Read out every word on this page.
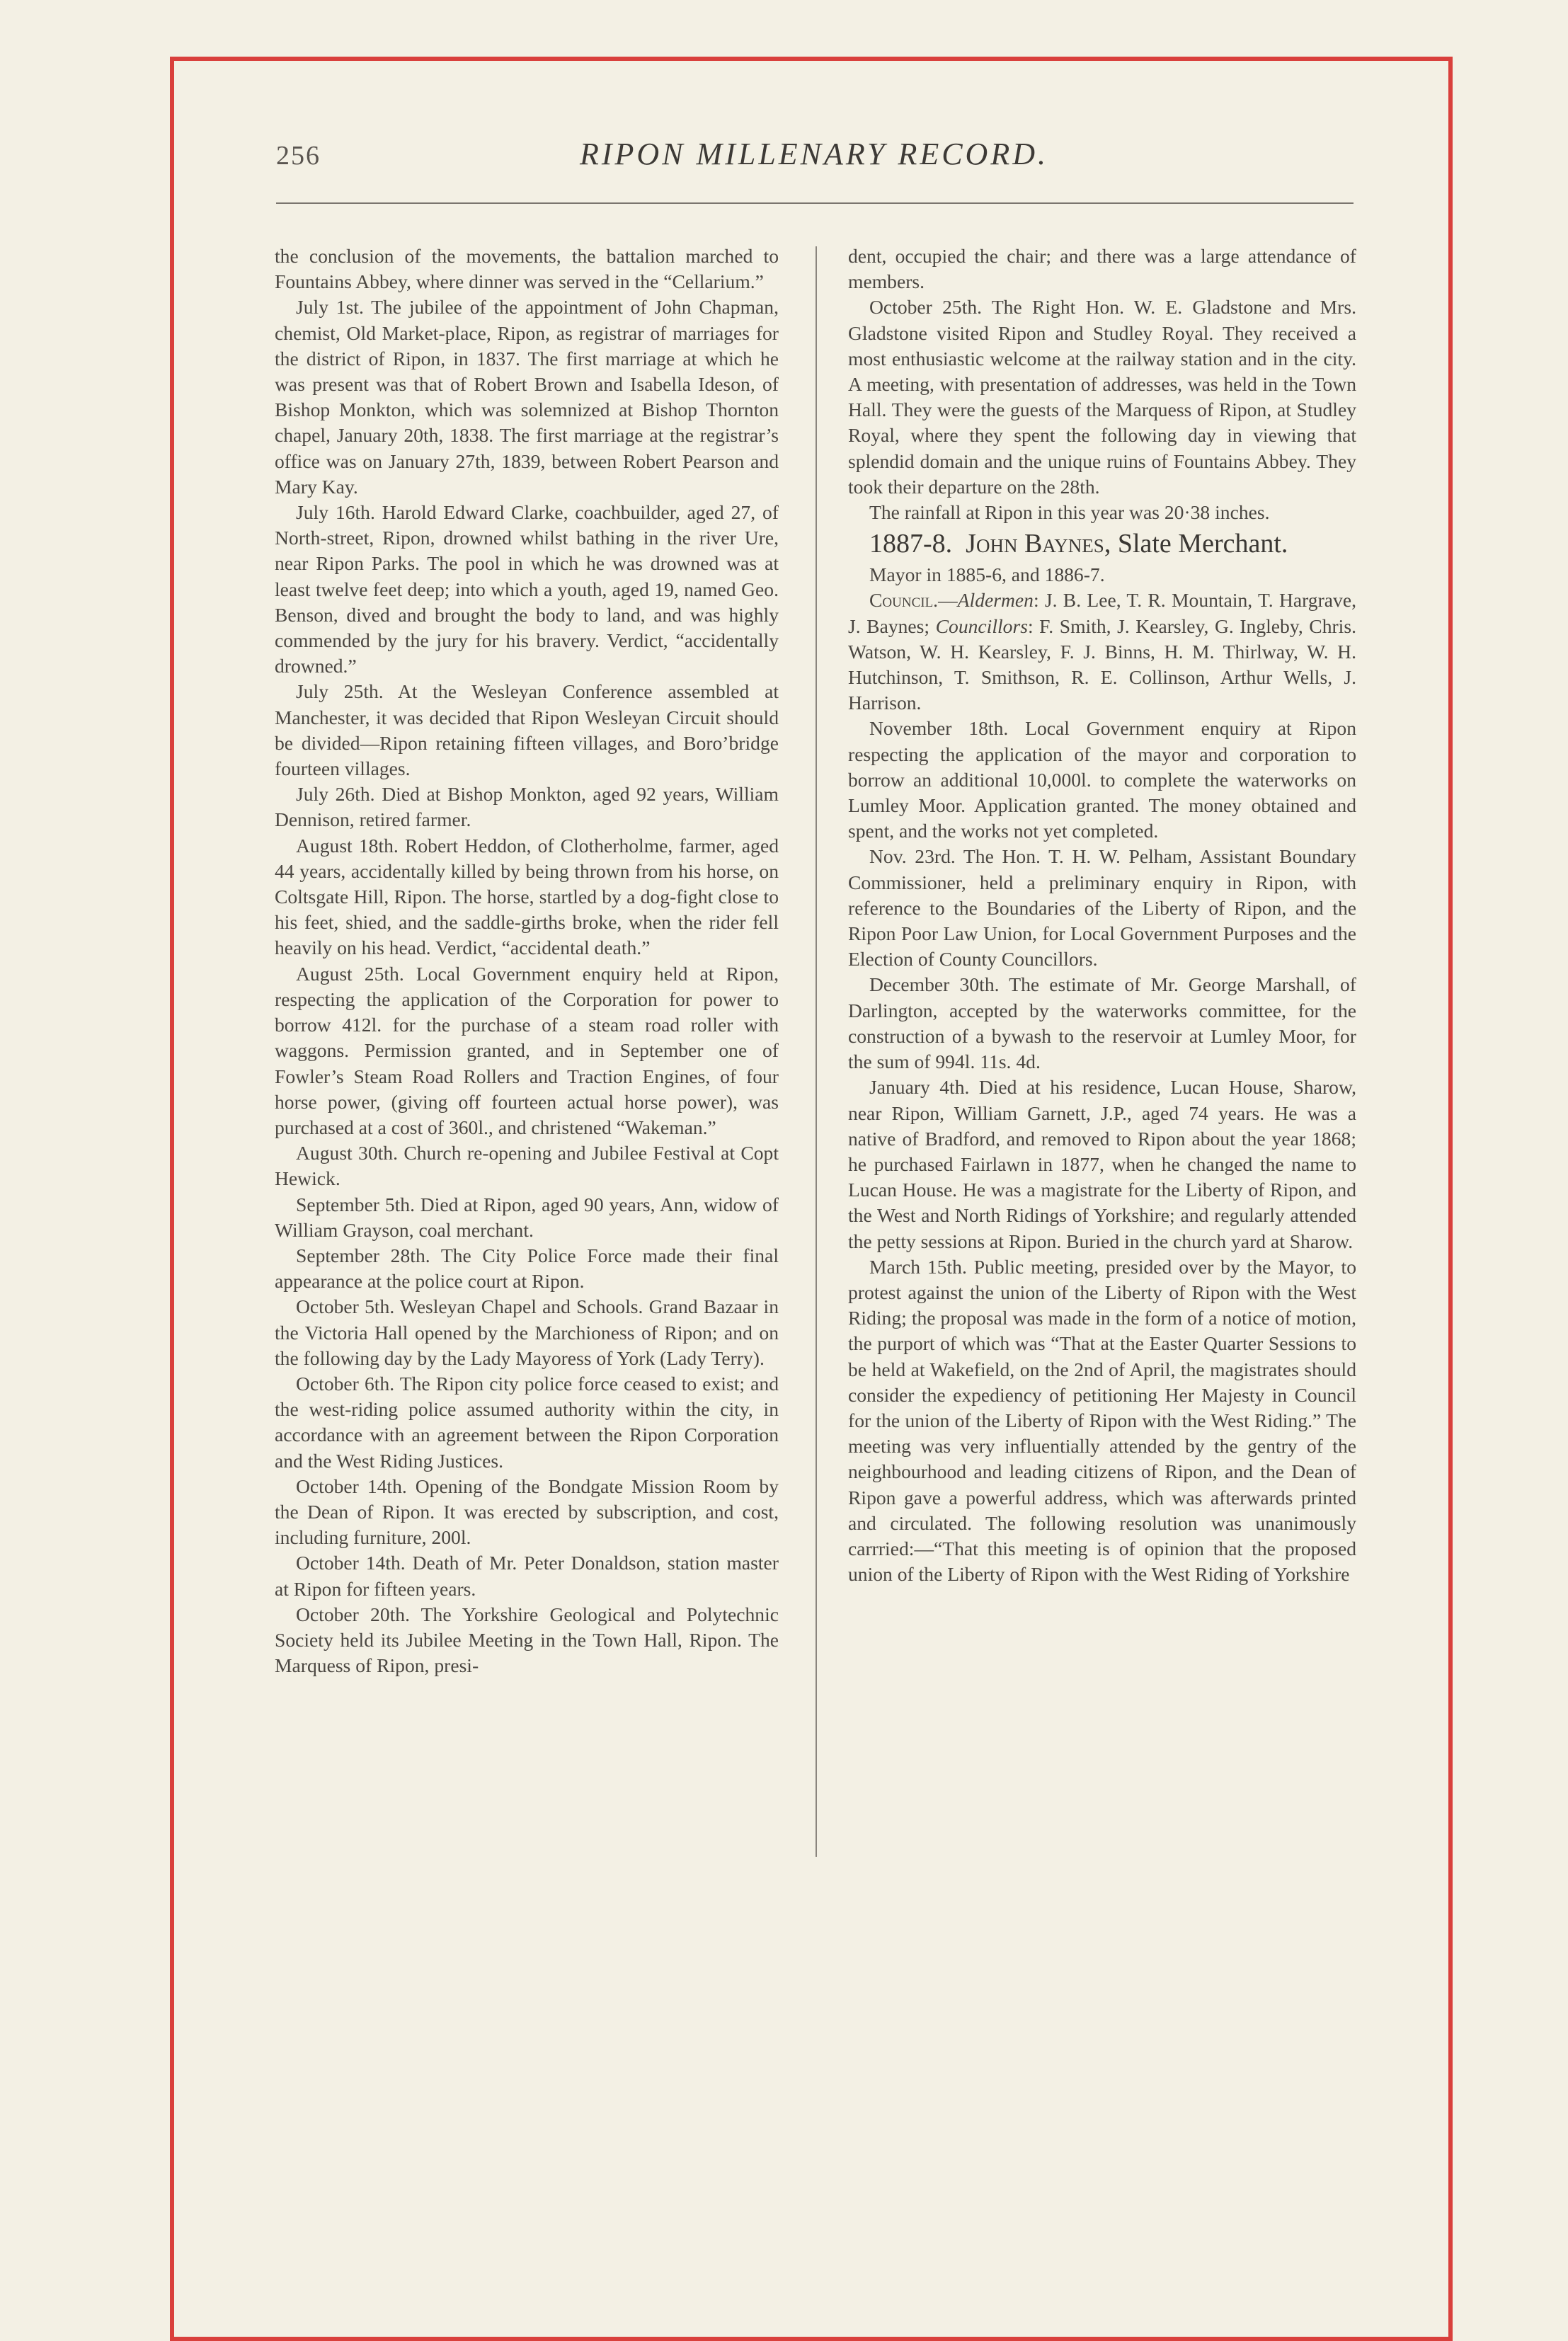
256	RIPON MILLENARY RECORD.

the conclusion of the movements, the battalion marched to Fountains Abbey, where dinner was served in the “Cellarium.”

July 1st. The jubilee of the appointment of John Chapman, chemist, Old Market-place, Ripon, as registrar of marriages for the district of Ripon, in 1837. The first marriage at which he was present was that of Robert Brown and Isabella Ideson, of Bishop Monkton, which was solemnized at Bishop Thornton chapel, January 20th, 1838. The first marriage at the registrar’s office was on January 27th, 1839, between Robert Pearson and Mary Kay.

July 16th. Harold Edward Clarke, coachbuilder, aged 27, of North-street, Ripon, drowned whilst bathing in the river Ure, near Ripon Parks. The pool in which he was drowned was at least twelve feet deep; into which a youth, aged 19, named Geo. Benson, dived and brought the body to land, and was highly commended by the jury for his bravery. Verdict, “accidentally drowned.”

July 25th. At the Wesleyan Conference assembled at Manchester, it was decided that Ripon Wesleyan Circuit should be divided—Ripon retaining fifteen villages, and Boro’bridge fourteen villages.

July 26th. Died at Bishop Monkton, aged 92 years, William Dennison, retired farmer.

August 18th. Robert Heddon, of Clotherholme, farmer, aged 44 years, accidentally killed by being thrown from his horse, on Coltsgate Hill, Ripon. The horse, startled by a dog-fight close to his feet, shied, and the saddle-girths broke, when the rider fell heavily on his head. Verdict, “accidental death.”

August 25th. Local Government enquiry held at Ripon, respecting the application of the Corporation for power to borrow 412l. for the purchase of a steam road roller with waggons. Permission granted, and in September one of Fowler’s Steam Road Rollers and Traction Engines, of four horse power, (giving off fourteen actual horse power), was purchased at a cost of 360l., and christened “Wakeman.”

August 30th. Church re-opening and Jubilee Festival at Copt Hewick.

September 5th. Died at Ripon, aged 90 years, Ann, widow of William Grayson, coal merchant.

September 28th. The City Police Force made their final appearance at the police court at Ripon.

October 5th. Wesleyan Chapel and Schools. Grand Bazaar in the Victoria Hall opened by the Marchioness of Ripon; and on the following day by the Lady Mayoress of York (Lady Terry).

October 6th. The Ripon city police force ceased to exist; and the west-riding police assumed authority within the city, in accordance with an agreement between the Ripon Corporation and the West Riding Justices.

October 14th. Opening of the Bondgate Mission Room by the Dean of Ripon. It was erected by subscription, and cost, including furniture, 200l.

October 14th. Death of Mr. Peter Donaldson, station master at Ripon for fifteen years.

October 20th. The Yorkshire Geological and Polytechnic Society held its Jubilee Meeting in the Town Hall, Ripon. The Marquess of Ripon, presi-

dent, occupied the chair; and there was a large attendance of members.

October 25th. The Right Hon. W. E. Gladstone and Mrs. Gladstone visited Ripon and Studley Royal. They received a most enthusiastic welcome at the railway station and in the city. A meeting, with presentation of addresses, was held in the Town Hall. They were the guests of the Marquess of Ripon, at Studley Royal, where they spent the following day in viewing that splendid domain and the unique ruins of Fountains Abbey. They took their departure on the 28th.

The rainfall at Ripon in this year was 20·38 inches.

1887-8. John Baynes, Slate Merchant.

Mayor in 1885-6, and 1886-7.

Council.—Aldermen: J. B. Lee, T. R. Mountain, T. Hargrave, J. Baynes; Councillors: F. Smith, J. Kearsley, G. Ingleby, Chris. Watson, W. H. Kearsley, F. J. Binns, H. M. Thirlway, W. H. Hutchinson, T. Smithson, R. E. Collinson, Arthur Wells, J. Harrison.

November 18th. Local Government enquiry at Ripon respecting the application of the mayor and corporation to borrow an additional 10,000l. to complete the waterworks on Lumley Moor. Application granted. The money obtained and spent, and the works not yet completed.

Nov. 23rd. The Hon. T. H. W. Pelham, Assistant Boundary Commissioner, held a preliminary enquiry in Ripon, with reference to the Boundaries of the Liberty of Ripon, and the Ripon Poor Law Union, for Local Government Purposes and the Election of County Councillors.

December 30th. The estimate of Mr. George Marshall, of Darlington, accepted by the waterworks committee, for the construction of a bywash to the reservoir at Lumley Moor, for the sum of 994l. 11s. 4d.

January 4th. Died at his residence, Lucan House, Sharow, near Ripon, William Garnett, J.P., aged 74 years. He was a native of Bradford, and removed to Ripon about the year 1868; he purchased Fairlawn in 1877, when he changed the name to Lucan House. He was a magistrate for the Liberty of Ripon, and the West and North Ridings of Yorkshire; and regularly attended the petty sessions at Ripon. Buried in the church yard at Sharow.

March 15th. Public meeting, presided over by the Mayor, to protest against the union of the Liberty of Ripon with the West Riding; the proposal was made in the form of a notice of motion, the purport of which was “That at the Easter Quarter Sessions to be held at Wakefield, on the 2nd of April, the magistrates should consider the expediency of petitioning Her Majesty in Council for the union of the Liberty of Ripon with the West Riding.” The meeting was very influentially attended by the gentry of the neighbourhood and leading citizens of Ripon, and the Dean of Ripon gave a powerful address, which was afterwards printed and circulated. The following resolution was unanimously carrried:—“That this meeting is of opinion that the proposed union of the Liberty of Ripon with the West Riding of Yorkshire
